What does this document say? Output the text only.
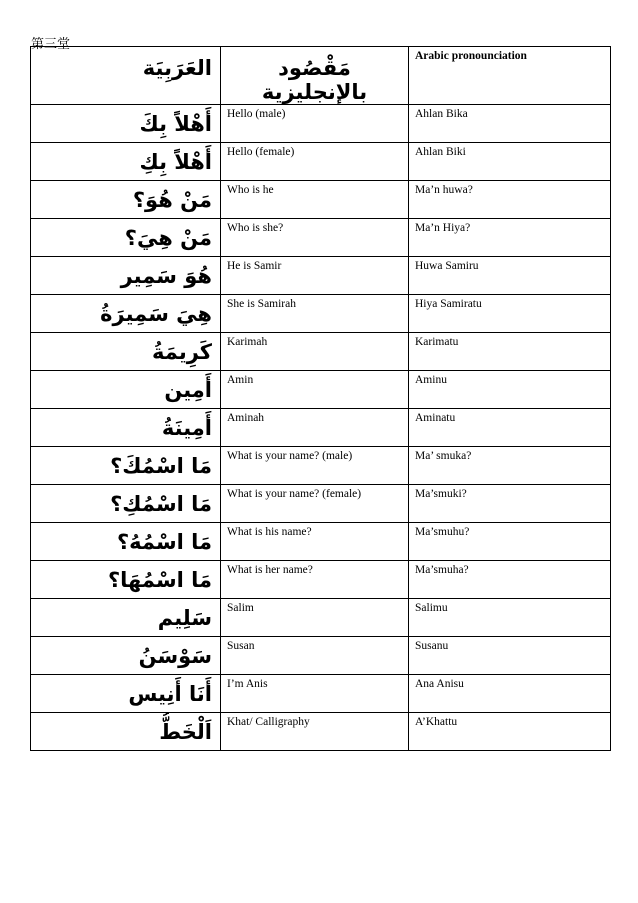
第三堂
العَرَبِيَة	مَقْصُود بالإنجليزية	Arabic pronounciation
أَهْلاً بِكَ	Hello (male)	Ahlan Bika
أَهْلاً بِكِ	Hello (female)	Ahlan Biki
مَنْ هُوَ؟	Who is he	Ma’n huwa?
مَنْ هِيَ؟	Who is she?	Ma’n Hiya?
هُوَ سَمِير	He is Samir	Huwa Samiru
هِيَ سَمِيرَةُ	She is Samirah	Hiya Samiratu
كَرِيمَةُ	Karimah	Karimatu
أَمِين	Amin	Aminu
أَمِينَةُ	Aminah	Aminatu
مَا اسْمُكَ؟	What is your name? (male)	Ma’ smuka?
مَا اسْمُكِ؟	What is your name? (female)	Ma’smuki?
مَا اسْمُهُ؟	What is his name?	Ma’smuhu?
مَا اسْمُهَا؟	What is her name?	Ma’smuha?
سَلِيم	Salim	Salimu
سَوْسَنُ	Susan	Susanu
أَنَا أَنِيس	I’m Anis	Ana Anisu
اَلْخَطُّ	Khat/ Calligraphy	A’Khattu
